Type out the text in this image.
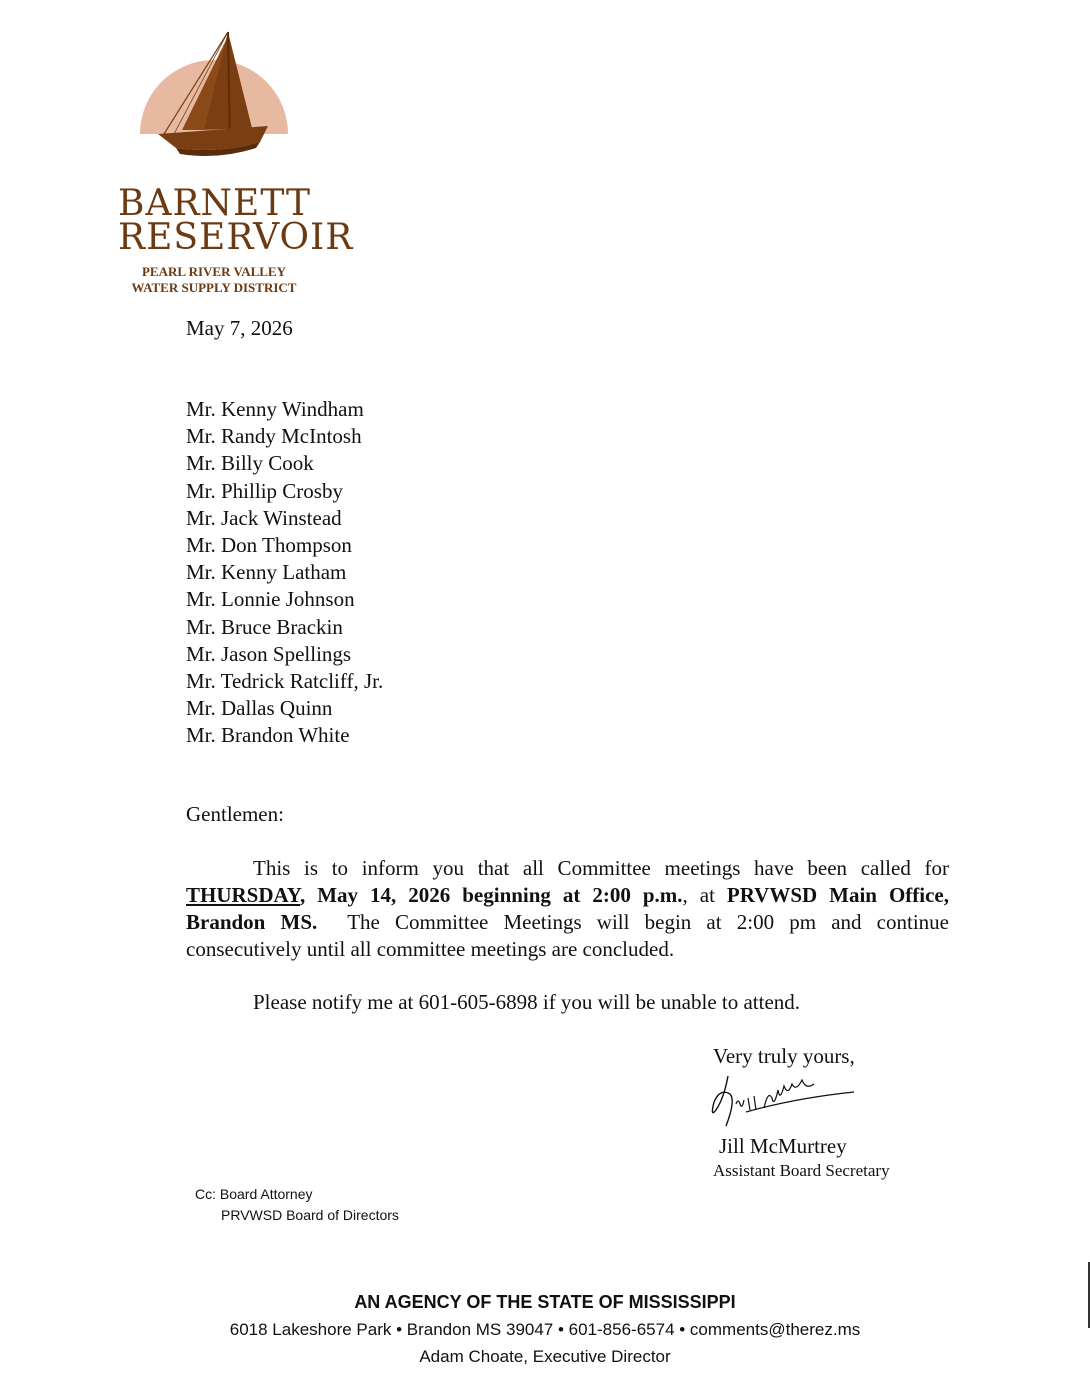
BARNETT
RESERVOIR
PEARL RIVER VALLEY
WATER SUPPLY DISTRICT
May 7, 2026
Mr. Kenny Windham
Mr. Randy McIntosh
Mr. Billy Cook
Mr. Phillip Crosby
Mr. Jack Winstead
Mr. Don Thompson
Mr. Kenny Latham
Mr. Lonnie Johnson
Mr. Bruce Brackin
Mr. Jason Spellings
Mr. Tedrick Ratcliff, Jr.
Mr. Dallas Quinn
Mr. Brandon White
Gentlemen:
This is to inform you that all Committee meetings have been called for THURSDAY, May 14, 2026 beginning at 2:00 p.m., at PRVWSD Main Office, Brandon MS.  The Committee Meetings will begin at 2:00 pm and continue consecutively until all committee meetings are concluded.
Please notify me at 601-605-6898 if you will be unable to attend.
Very truly yours,
Jill McMurtrey
Assistant Board Secretary
Cc: Board Attorney
PRVWSD Board of Directors
AN AGENCY OF THE STATE OF MISSISSIPPI
6018 Lakeshore Park • Brandon MS 39047 • 601-856-6574 • comments@therez.ms
Adam Choate, Executive Director
